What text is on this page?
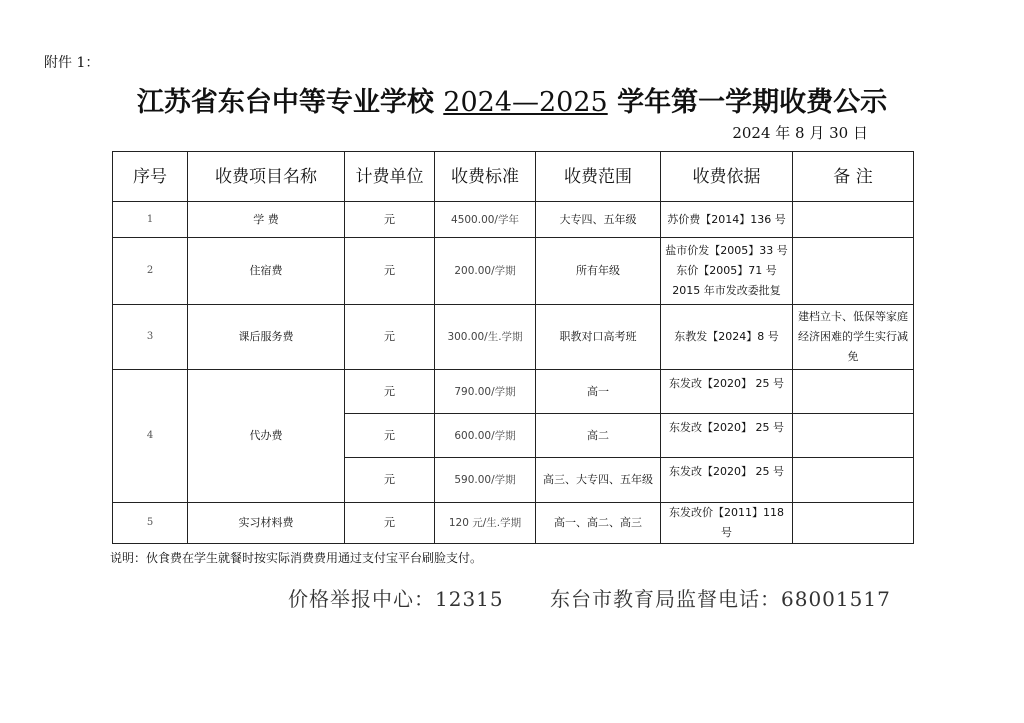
附件 1：
江苏省东台中等专业学校 2024—2025 学年第一学期收费公示
2024 年 8 月 30 日
序号	收费项目名称	计费单位	收费标准	收费范围	收费依据	备 注
1	学 费	元	4500.00/学年	大专四、五年级	苏价费【2014】136 号	
2	住宿费	元	200.00/学期	所有年级	盐市价发【2005】33 号 东价【2005】71 号 2015 年市发改委批复	
3	课后服务费	元	300.00/生.学期	职教对口高考班	东教发【2024】8 号	建档立卡、低保等家庭经济困难的学生实行减免
4	代办费	元	790.00/学期	高一	东发改【2020】 25 号	
		元	600.00/学期	高二	东发改【2020】 25 号	
		元	590.00/学期	高三、大专四、五年级	东发改【2020】 25 号	
5	实习材料费	元	120 元/生.学期	高一、高二、高三	东发改价【2011】118 号	
说明：伙食费在学生就餐时按实际消费费用通过支付宝平台刷脸支付。
价格举报中心：12315 东台市教育局监督电话：68001517
